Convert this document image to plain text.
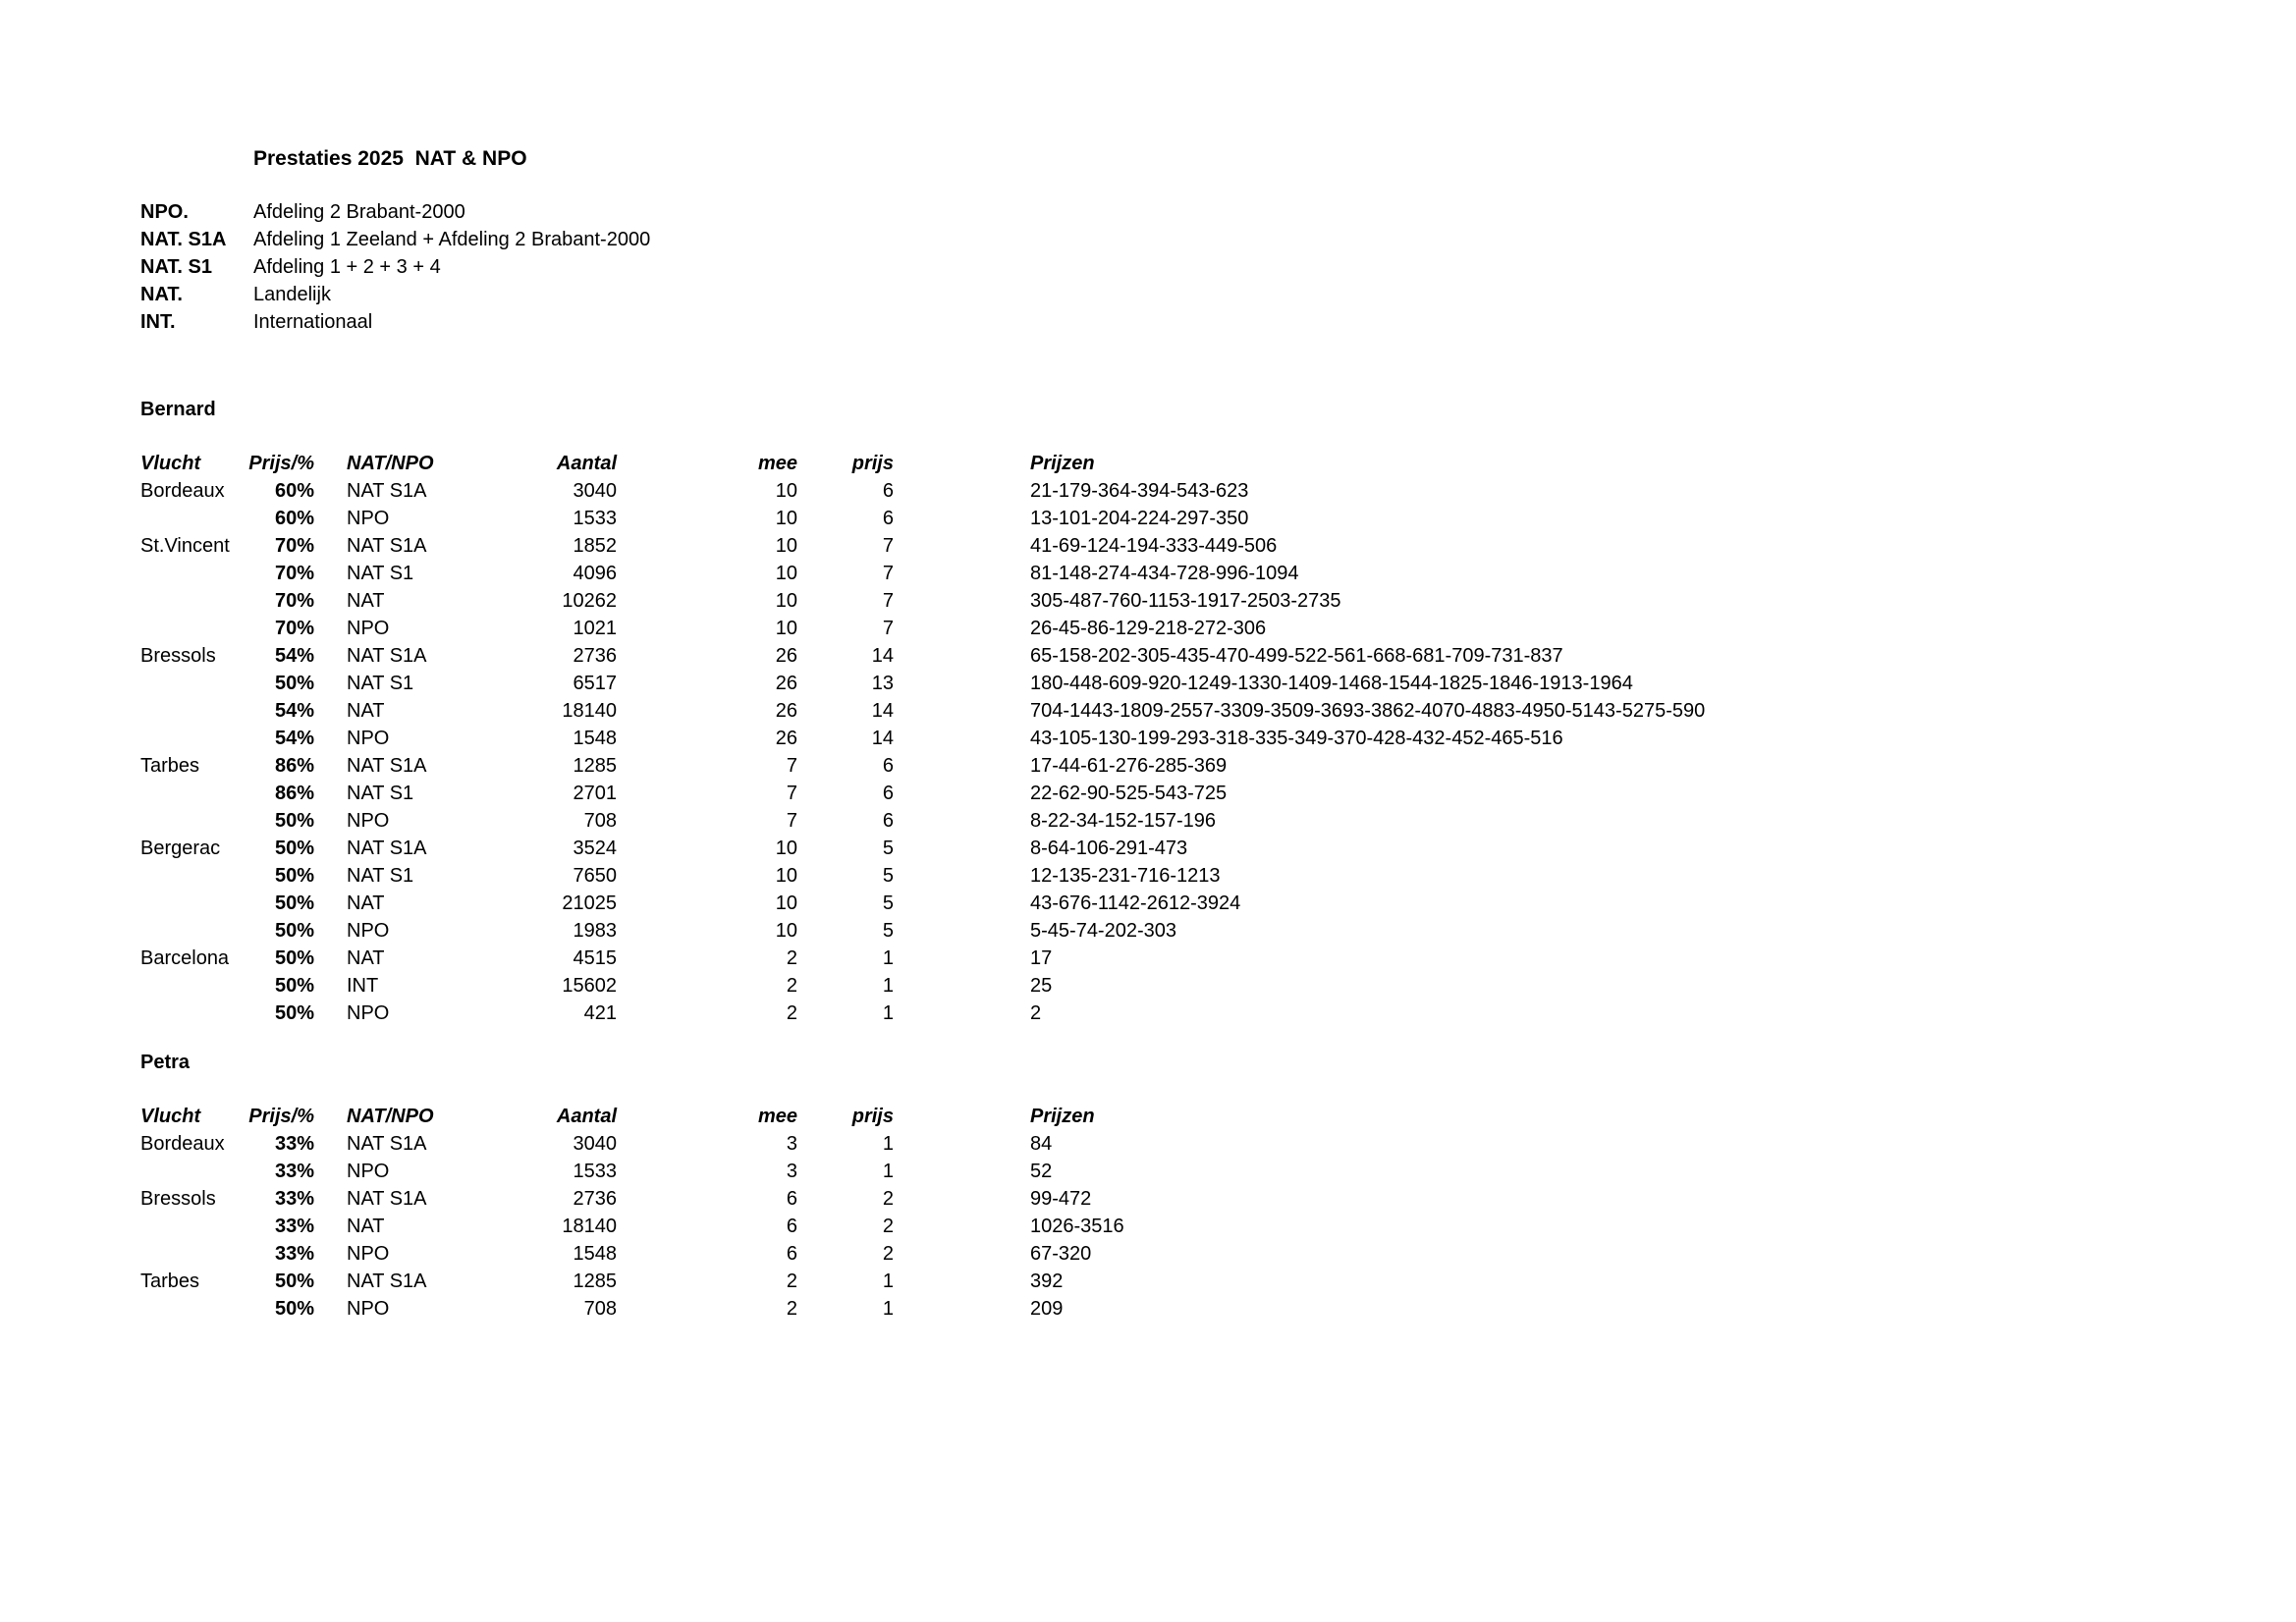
Prestaties 2025  NAT & NPO
NPO.	Afdeling 2 Brabant-2000
NAT. S1A Afdeling 1 Zeeland + Afdeling 2 Brabant-2000
NAT. S1 Afdeling 1 + 2 + 3 + 4
NAT.	Landelijk
INT.	Internationaal
Bernard
Vlucht	Prijs/% NAT/NPO	Aantal	mee	prijs	Prijzen
Bordeaux	60% NAT S1A	3040	10	6	21-179-364-394-543-623
60% NPO	1533	10	6	13-101-204-224-297-350
St.Vincent	70% NAT S1A	1852	10	7	41-69-124-194-333-449-506
70% NAT S1	4096	10	7	81-148-274-434-728-996-1094
70% NAT	10262	10	7	305-487-760-1153-1917-2503-2735
70% NPO	1021	10	7	26-45-86-129-218-272-306
Bressols	54% NAT S1A	2736	26	14	65-158-202-305-435-470-499-522-561-668-681-709-731-837
50% NAT S1	6517	26	13	180-448-609-920-1249-1330-1409-1468-1544-1825-1846-1913-1964
54% NAT	18140	26	14	704-1443-1809-2557-3309-3509-3693-3862-4070-4883-4950-5143-5275-590
54% NPO	1548	26	14	43-105-130-199-293-318-335-349-370-428-432-452-465-516
Tarbes	86% NAT S1A	1285	7	6	17-44-61-276-285-369
86% NAT S1	2701	7	6	22-62-90-525-543-725
50% NPO	708	7	6	8-22-34-152-157-196
Bergerac	50% NAT S1A	3524	10	5	8-64-106-291-473
50% NAT S1	7650	10	5	12-135-231-716-1213
50% NAT	21025	10	5	43-676-1142-2612-3924
50% NPO	1983	10	5	5-45-74-202-303
Barcelona	50% NAT	4515	2	1	17
50% INT	15602	2	1	25
50% NPO	421	2	1	2
Petra
Vlucht	Prijs/% NAT/NPO	Aantal	mee	prijs	Prijzen
Bordeaux	33% NAT S1A	3040	3	1	84
33% NPO	1533	3	1	52
Bressols	33% NAT S1A	2736	6	2	99-472
33% NAT	18140	6	2	1026-3516
33% NPO	1548	6	2	67-320
Tarbes	50% NAT S1A	1285	2	1	392
50% NPO	708	2	1	209
